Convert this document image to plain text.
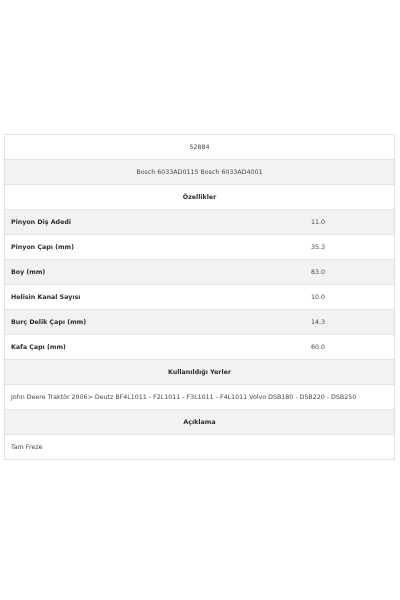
52884
Bosch 6033AD0115 Bosch 6033AD4001
Özellikler
Pinyon Diş Adedi	11.0
Pinyon Çapı (mm)	35.3
Boy (mm)	83.0
Helisin Kanal Sayısı	10.0
Burç Delik Çapı (mm)	14.3
Kafa Çapı (mm)	60.0
Kullanıldığı Yerler
John Deere Traktör 2006> Deutz BF4L1011 - F2L1011 - F3L1011 - F4L1011 Volvo DSB180 - DSB220 - DSB250
Açıklama
Tam Freze
